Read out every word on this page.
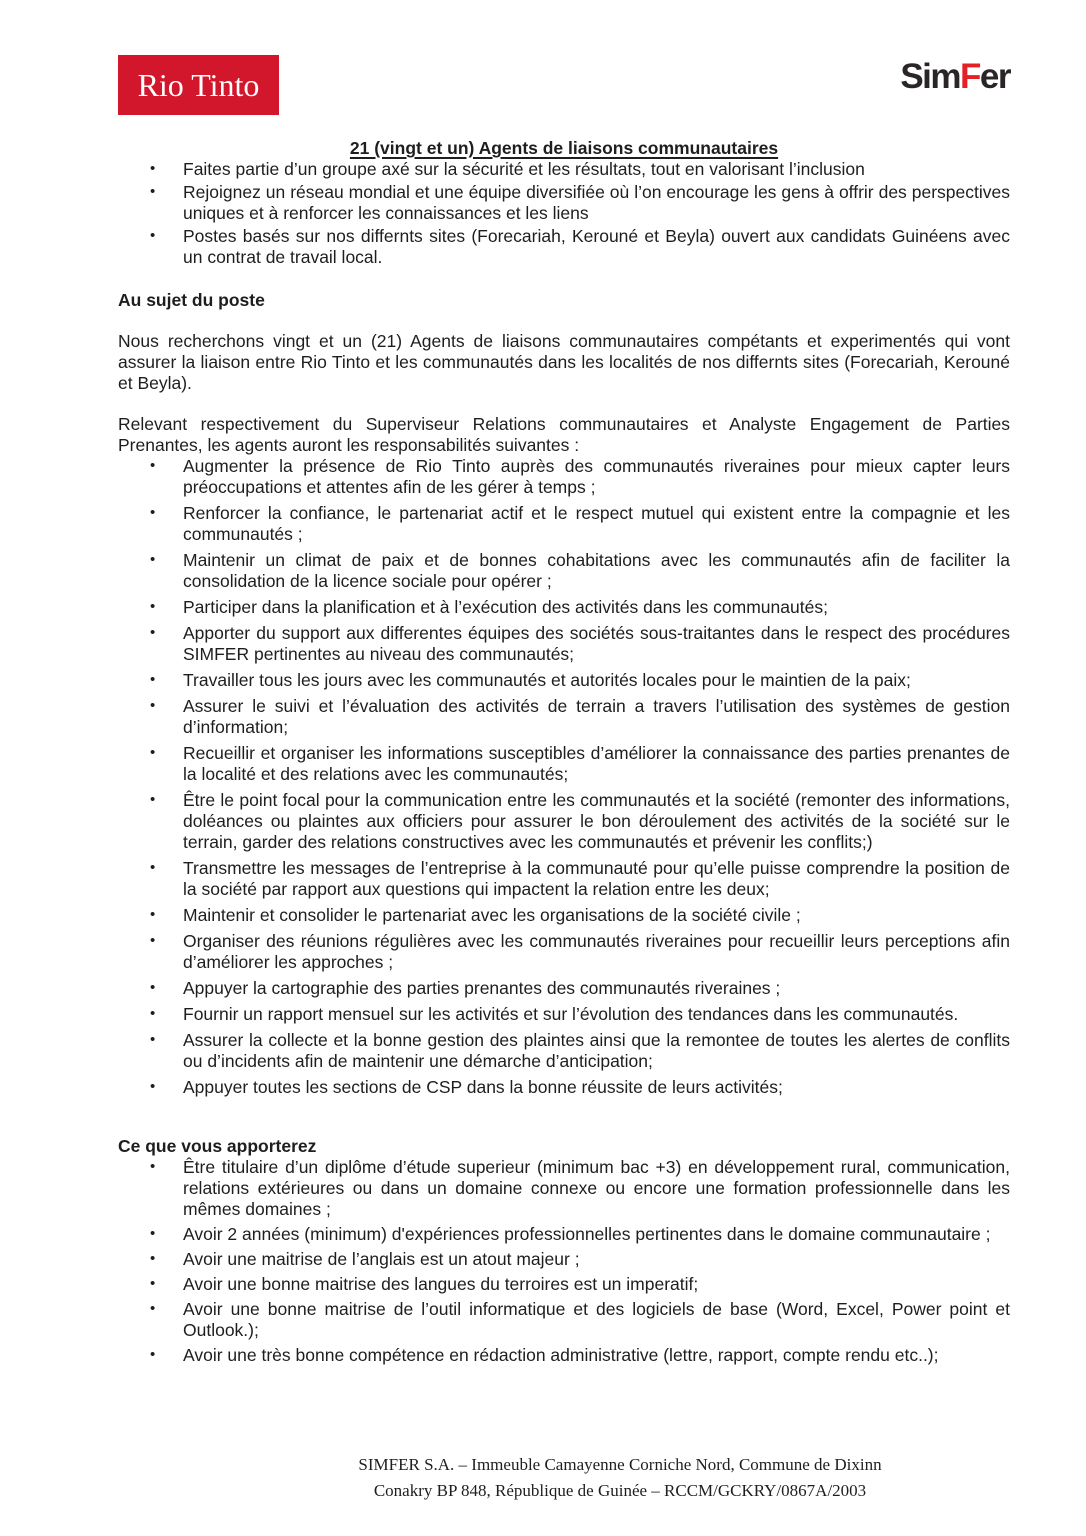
Rio Tinto	SimFer
21 (vingt et un) Agents de liaisons communautaires
• Faites partie d’un groupe axé sur la sécurité et les résultats, tout en valorisant l’inclusion
• Rejoignez un réseau mondial et une équipe diversifiée où l’on encourage les gens à offrir des perspectives uniques et à renforcer les connaissances et les liens
• Postes basés sur nos differnts sites (Forecariah, Kerouné et Beyla) ouvert aux candidats Guinéens avec un contrat de travail local.
Au sujet du poste

Nous recherchons vingt et un (21) Agents de liaisons communautaires compétants et experimentés qui vont assurer la liaison entre Rio Tinto et les communautés dans les localités de nos differnts sites (Forecariah, Kerouné et Beyla).

Relevant respectivement du Superviseur Relations communautaires et Analyste Engagement de Parties Prenantes, les agents auront les responsabilités suivantes :

• Augmenter la présence de Rio Tinto auprès des communautés riveraines pour mieux capter leurs préoccupations et attentes afin de les gérer à temps ;
• Renforcer la confiance, le partenariat actif et le respect mutuel qui existent entre la compagnie et les communautés ;
• Maintenir un climat de paix et de bonnes cohabitations avec les communautés afin de faciliter la consolidation de la licence sociale pour opérer ;
• Participer dans la planification et à l’exécution des activités dans les communautés;
• Apporter du support aux differentes équipes des sociétés sous-traitantes dans le respect des procédures SIMFER pertinentes au niveau des communautés;
• Travailler tous les jours avec les communautés et autorités locales pour le maintien de la paix;
• Assurer le suivi et l’évaluation des activités de terrain a travers l’utilisation des systèmes de gestion d’information;
• Recueillir et organiser les informations susceptibles d’améliorer la connaissance des parties prenantes de la localité et des relations avec les communautés;
• Être le point focal pour la communication entre les communautés et la société (remonter des informations, doléances ou plaintes aux officiers pour assurer le bon déroulement des activités de la société sur le terrain, garder des relations constructives avec les communautés et prévenir les conflits;)
• Transmettre les messages de l’entreprise à la communauté pour qu’elle puisse comprendre la position de la société par rapport aux questions qui impactent la relation entre les deux;
• Maintenir et consolider le partenariat avec les organisations de la société civile ;
• Organiser des réunions régulières avec les communautés riveraines pour recueillir leurs perceptions afin d’améliorer les approches ;
• Appuyer la cartographie des parties prenantes des communautés riveraines ;
• Fournir un rapport mensuel sur les activités et sur l’évolution des tendances dans les communautés.
• Assurer la collecte et la bonne gestion des plaintes ainsi que la remontee de toutes les alertes de conflits ou d’incidents afin de maintenir une démarche d’anticipation;
• Appuyer toutes les sections de CSP dans la bonne réussite de leurs activités;
Ce que vous apporterez
• Être titulaire d’un diplôme d’étude superieur (minimum bac +3) en développement rural, communication, relations extérieures ou dans un domaine connexe ou encore une formation professionnelle dans les mêmes domaines ;
• Avoir 2 années (minimum) d'expériences professionnelles pertinentes dans le domaine communautaire ;
• Avoir une maitrise de l’anglais est un atout majeur ;
• Avoir une bonne maitrise des langues du terroires est un imperatif;
• Avoir une bonne maitrise de l’outil informatique et des logiciels de base (Word, Excel, Power point et Outlook.);
• Avoir une très bonne compétence en rédaction administrative (lettre, rapport, compte rendu etc..);
SIMFER S.A. – Immeuble Camayenne Corniche Nord, Commune de Dixinn
Conakry BP 848, République de Guinée – RCCM/GCKRY/0867A/2003
